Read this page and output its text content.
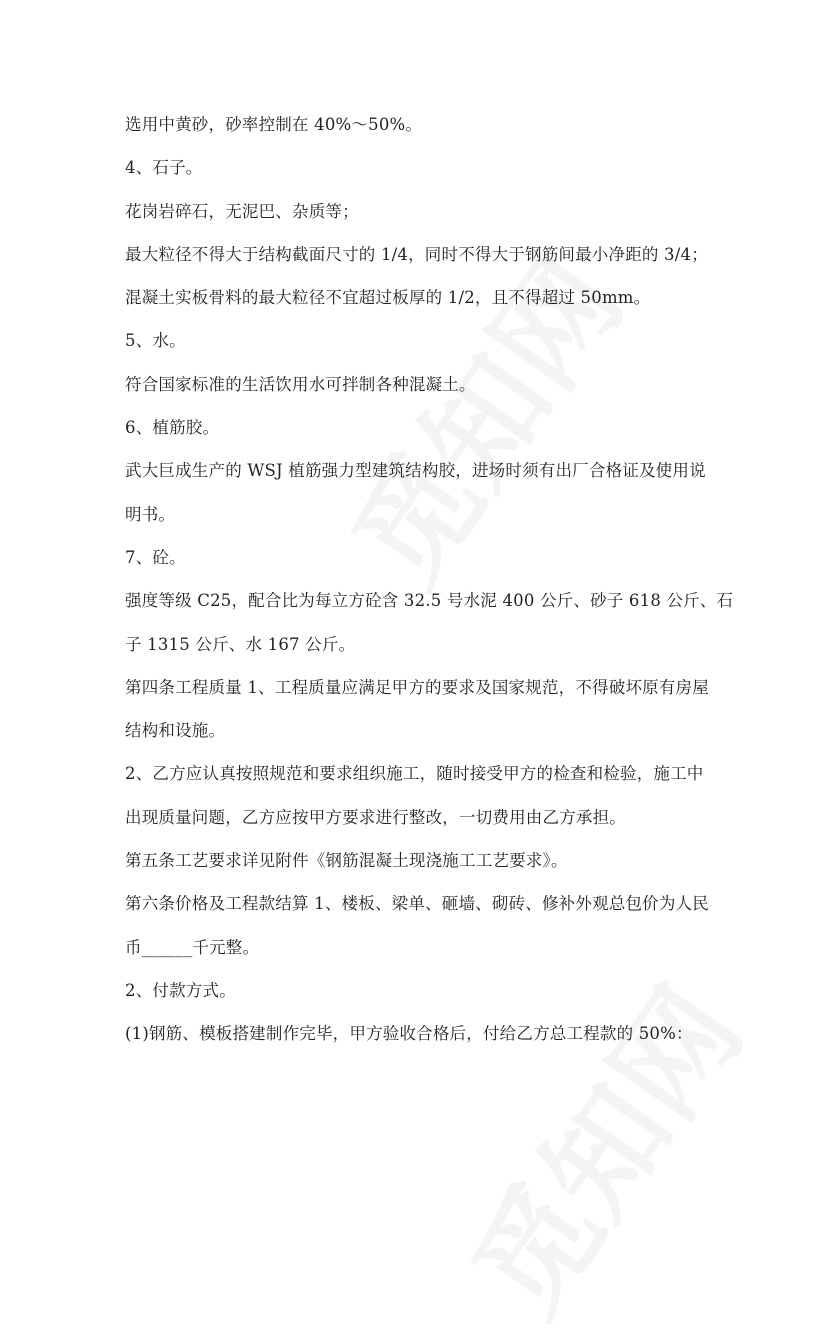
选用中黄砂，砂率控制在 40%～50%。
4、石子。
花岗岩碎石，无泥巴、杂质等；
最大粒径不得大于结构截面尺寸的 1/4，同时不得大于钢筋间最小净距的 3/4；
混凝土实板骨料的最大粒径不宜超过板厚的 1/2，且不得超过 50mm。
5、水。
符合国家标准的生活饮用水可拌制各种混凝土。
6、植筋胶。
武大巨成生产的 WSJ 植筋强力型建筑结构胶，进场时须有出厂合格证及使用说
明书。
7、砼。
强度等级 C25，配合比为每立方砼含 32.5 号水泥 400 公斤、砂子 618 公斤、石
子 1315 公斤、水 167 公斤。
第四条工程质量 1、工程质量应满足甲方的要求及国家规范，不得破坏原有房屋
结构和设施。
2、乙方应认真按照规范和要求组织施工，随时接受甲方的检查和检验，施工中
出现质量问题，乙方应按甲方要求进行整改，一切费用由乙方承担。
第五条工艺要求详见附件《钢筋混凝土现浇施工工艺要求》。
第六条价格及工程款结算 1、楼板、梁单、砸墙、砌砖、修补外观总包价为人民
币______千元整。
2、付款方式。
(1)钢筋、模板搭建制作完毕，甲方验收合格后，付给乙方总工程款的 50%：
